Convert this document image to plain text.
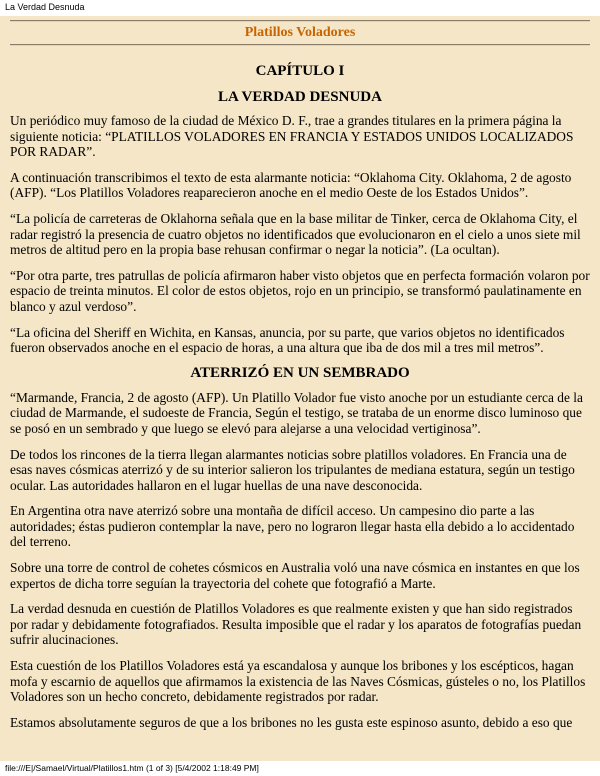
La Verdad Desnuda
Platillos Voladores
CAPÍTULO I
LA VERDAD DESNUDA

Un periódico muy famoso de la ciudad de México D. F., trae a grandes titulares en la primera página la siguiente noticia: “PLATILLOS VOLADORES EN FRANCIA Y ESTADOS UNIDOS LOCALIZADOS POR RADAR”.

A continuación transcribimos el texto de esta alarmante noticia: “Oklahoma City. Oklahoma, 2 de agosto (AFP). “Los Platillos Voladores reaparecieron anoche en el medio Oeste de los Estados Unidos”.

“La policía de carreteras de Oklahorna señala que en la base militar de Tinker, cerca de Oklahoma City, el radar registró la presencia de cuatro objetos no identificados que evolucionaron en el cielo a unos siete mil metros de altitud pero en la propia base rehusan confirmar o negar la noticia”. (La ocultan).

“Por otra parte, tres patrullas de policía afirmaron haber visto objetos que en perfecta formación volaron por espacio de treinta minutos. El color de estos objetos, rojo en un principio, se transformó paulatinamente en blanco y azul verdoso”.

“La oficina del Sheriff en Wichita, en Kansas, anuncia, por su parte, que varios objetos no identificados fueron observados anoche en el espacio de horas, a una altura que iba de dos mil a tres mil metros”.

ATERRIZÓ EN UN SEMBRADO

“Marmande, Francia, 2 de agosto (AFP). Un Platillo Volador fue visto anoche por un estudiante cerca de la ciudad de Marmande, el sudoeste de Francia, Según el testigo, se trataba de un enorme disco luminoso que se posó en un sembrado y que luego se elevó para alejarse a una velocidad vertiginosa”.

De todos los rincones de la tierra llegan alarmantes noticias sobre platillos voladores. En Francia una de esas naves cósmicas aterrizó y de su interior salieron los tripulantes de mediana estatura, según un testigo ocular. Las autoridades hallaron en el lugar huellas de una nave desconocida.

En Argentina otra nave aterrizó sobre una montaña de difícil acceso. Un campesino dio parte a las autoridades; éstas pudieron contemplar la nave, pero no lograron llegar hasta ella debido a lo accidentado del terreno.

Sobre una torre de control de cohetes cósmicos en Australia voló una nave cósmica en instantes en que los expertos de dicha torre seguían la trayectoria del cohete que fotografió a Marte.

La verdad desnuda en cuestión de Platillos Voladores es que realmente existen y que han sido registrados por radar y debidamente fotografiados. Resulta imposible que el radar y los aparatos de fotografías puedan sufrir alucinaciones.

Esta cuestión de los Platillos Voladores está ya escandalosa y aunque los bribones y los escépticos, hagan mofa y escarnio de aquellos que afirmamos la existencia de las Naves Cósmicas, gústeles o no, los Platillos Voladores son un hecho concreto, debidamente registrados por radar.

Estamos absolutamente seguros de que a los bribones no les gusta este espinoso asunto, debido a eso que

file:///E|/Samael/Virtual/Platillos1.htm (1 of 3) [5/4/2002 1:18:49 PM]
